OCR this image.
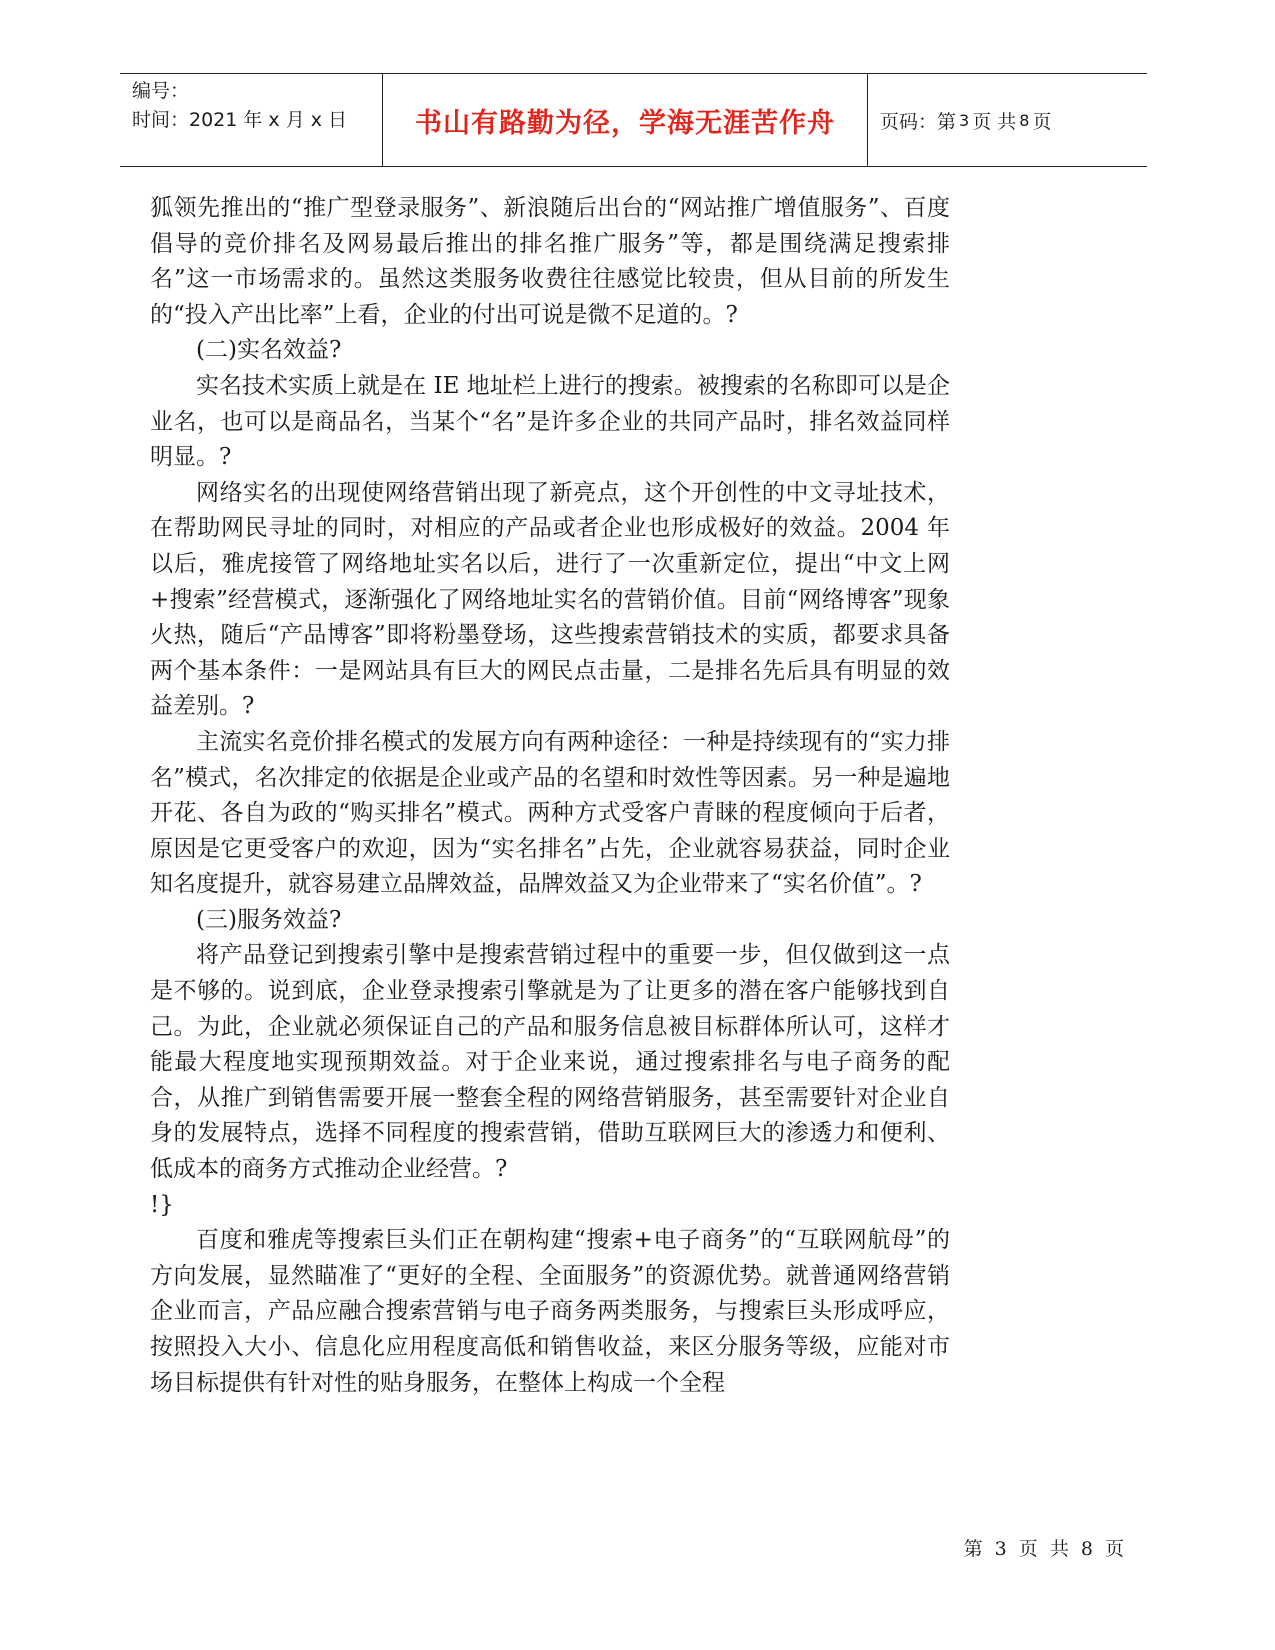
编号：
时间：2021 年 x 月 x 日	书山有路勤为径，学海无涯苦作舟 页码：第 3 页 共 8 页

狐领先推出的“推广型登录服务”、新浪随后出台的“网站推广增值服务”、百度倡导的竞价排名及网易最后推出的排名推广服务”等，都是围绕满足搜索排名”这一市场需求的。虽然这类服务收费往往感觉比较贵，但从目前的所发生的“投入产出比率”上看，企业的付出可说是微不足道的。?

(二)实名效益?

实名技术实质上就是在 IE 地址栏上进行的搜索。被搜索的名称即可以是企业名，也可以是商品名，当某个“名”是许多企业的共同产品时，排名效益同样明显。?

网络实名的出现使网络营销出现了新亮点，这个开创性的中文寻址技术，在帮助网民寻址的同时，对相应的产品或者企业也形成极好的效益。2004 年以后，雅虎接管了网络地址实名以后，进行了一次重新定位，提出“中文上网+搜索”经营模式，逐渐强化了网络地址实名的营销价值。目前“网络博客”现象火热，随后“产品博客”即将粉墨登场，这些搜索营销技术的实质，都要求具备两个基本条件：一是网站具有巨大的网民点击量，二是排名先后具有明显的效益差别。?

主流实名竞价排名模式的发展方向有两种途径：一种是持续现有的“实力排名”模式，名次排定的依据是企业或产品的名望和时效性等因素。另一种是遍地开花、各自为政的“购买排名”模式。两种方式受客户青睐的程度倾向于后者，原因是它更受客户的欢迎，因为“实名排名”占先，企业就容易获益，同时企业知名度提升，就容易建立品牌效益，品牌效益又为企业带来了“实名价值”。?

(三)服务效益?

将产品登记到搜索引擎中是搜索营销过程中的重要一步，但仅做到这一点是不够的。说到底，企业登录搜索引擎就是为了让更多的潜在客户能够找到自己。为此，企业就必须保证自己的产品和服务信息被目标群体所认可，这样才能最大程度地实现预期效益。对于企业来说，通过搜索排名与电子商务的配合，从推广到销售需要开展一整套全程的网络营销服务，甚至需要针对企业自身的发展特点，选择不同程度的搜索营销，借助互联网巨大的渗透力和便利、低成本的商务方式推动企业经营。?

!}

百度和雅虎等搜索巨头们正在朝构建“搜索+电子商务”的“互联网航母”的方向发展，显然瞄准了“更好的全程、全面服务”的资源优势。就普通网络营销企业而言，产品应融合搜索营销与电子商务两类服务，与搜索巨头形成呼应，按照投入大小、信息化应用程度高低和销售收益，来区分服务等级，应能对市场目标提供有针对性的贴身服务，在整体上构成一个全程

第 3 页 共 8 页
